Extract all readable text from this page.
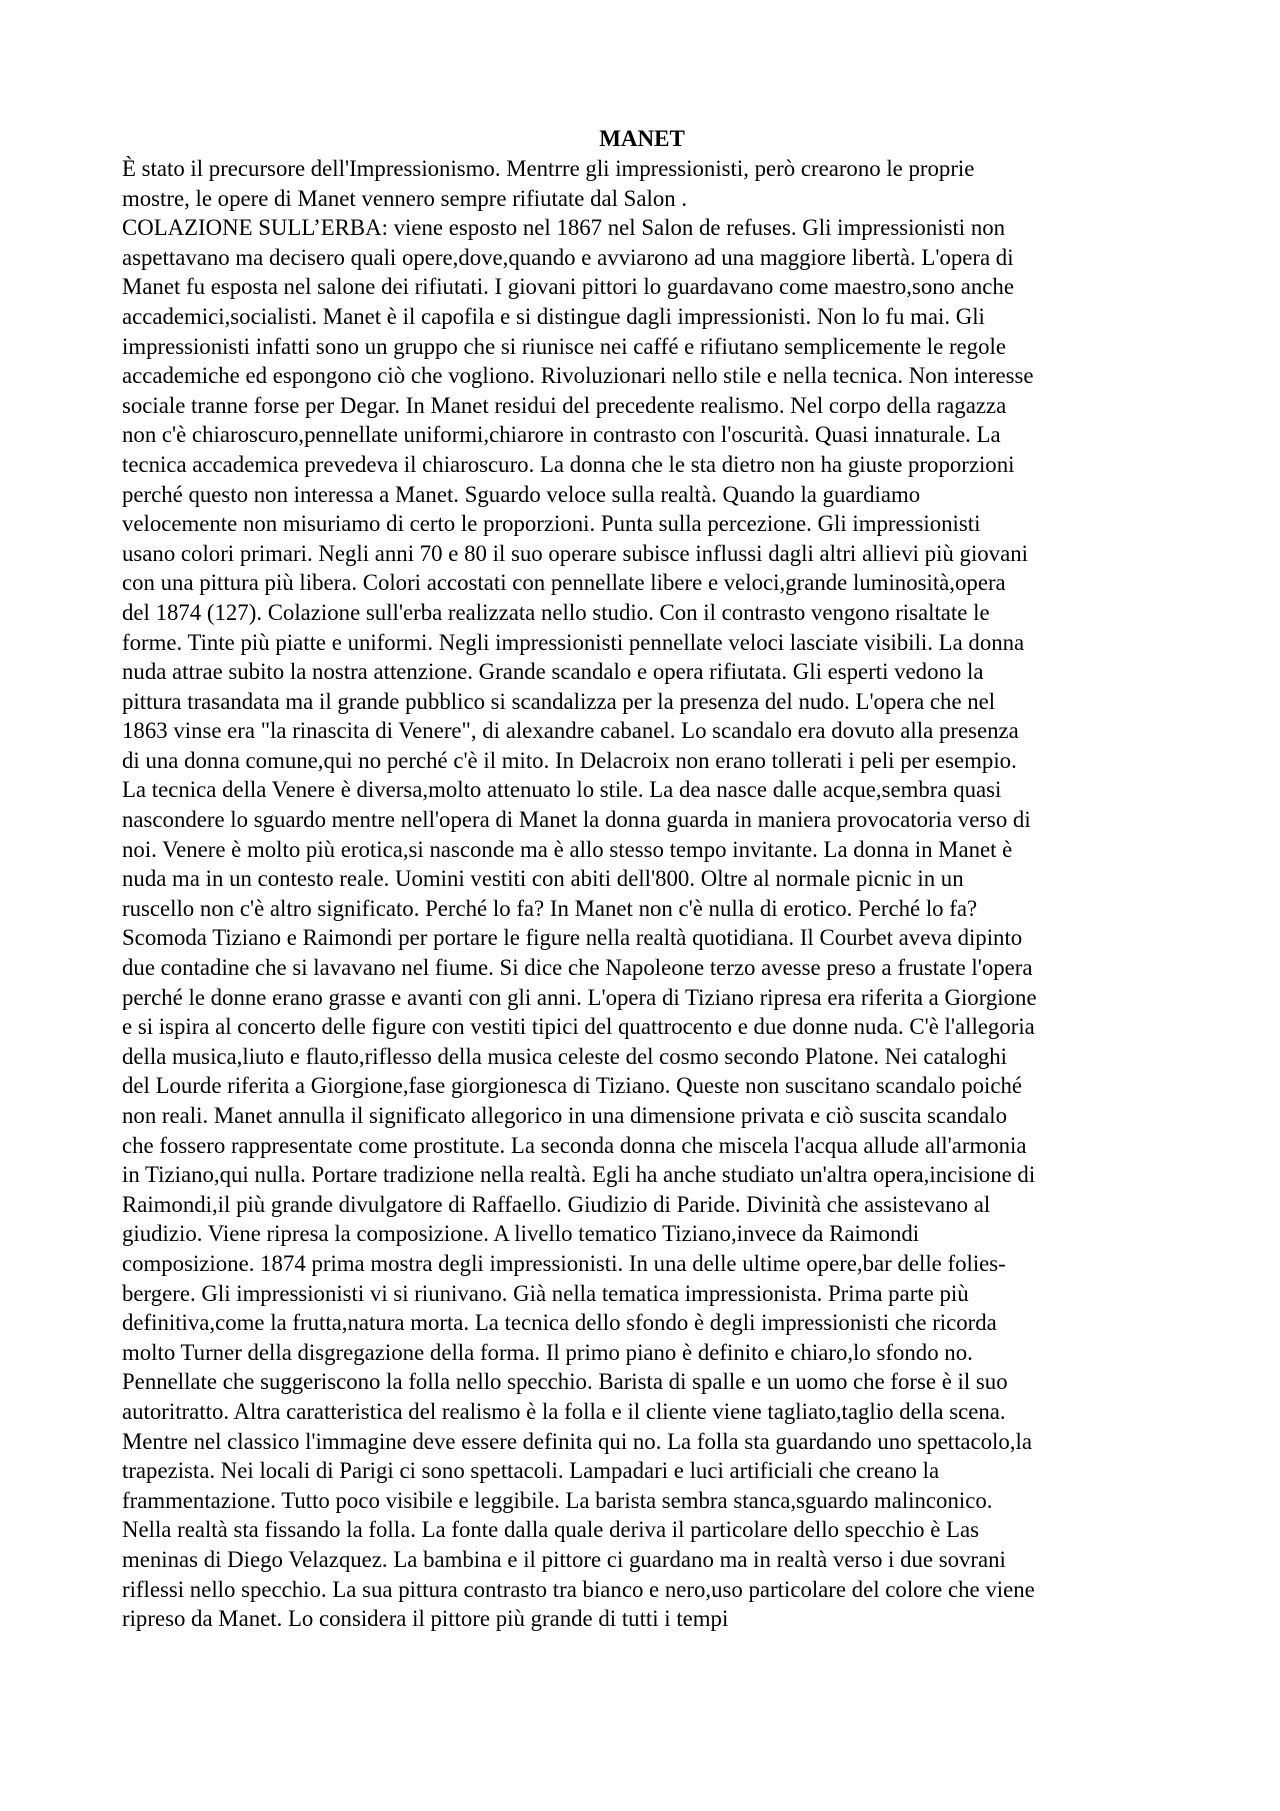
MANET
È stato il precursore dell'Impressionismo. Mentrre gli impressionisti, però crearono le proprie
mostre, le opere di Manet vennero sempre rifiutate dal Salon .
COLAZIONE SULL’ERBA: viene esposto nel 1867 nel Salon de refuses. Gli impressionisti non
aspettavano ma decisero quali opere,dove,quando e avviarono ad una maggiore libertà. L'opera di
Manet fu esposta nel salone dei rifiutati. I giovani pittori lo guardavano come maestro,sono anche
accademici,socialisti. Manet è il capofila e si distingue dagli impressionisti. Non lo fu mai. Gli
impressionisti infatti sono un gruppo che si riunisce nei caffé e rifiutano semplicemente le regole
accademiche ed espongono ciò che vogliono. Rivoluzionari nello stile e nella tecnica. Non interesse
sociale tranne forse per Degar. In Manet residui del precedente realismo. Nel corpo della ragazza
non c'è chiaroscuro,pennellate uniformi,chiarore in contrasto con l'oscurità. Quasi innaturale. La
tecnica accademica prevedeva il chiaroscuro. La donna che le sta dietro non ha giuste proporzioni
perché questo non interessa a Manet. Sguardo veloce sulla realtà. Quando la guardiamo
velocemente non misuriamo di certo le proporzioni. Punta sulla percezione. Gli impressionisti
usano colori primari. Negli anni 70 e 80 il suo operare subisce influssi dagli altri allievi più giovani
con una pittura più libera. Colori accostati con pennellate libere e veloci,grande luminosità,opera
del 1874 (127). Colazione sull'erba realizzata nello studio. Con il contrasto vengono risaltate le
forme. Tinte più piatte e uniformi. Negli impressionisti pennellate veloci lasciate visibili. La donna
nuda attrae subito la nostra attenzione. Grande scandalo e opera rifiutata. Gli esperti vedono la
pittura trasandata ma il grande pubblico si scandalizza per la presenza del nudo. L'opera che nel
1863 vinse era "la rinascita di Venere", di alexandre cabanel. Lo scandalo era dovuto alla presenza
di una donna comune,qui no perché c'è il mito. In Delacroix non erano tollerati i peli per esempio.
La tecnica della Venere è diversa,molto attenuato lo stile. La dea nasce dalle acque,sembra quasi
nascondere lo sguardo mentre nell'opera di Manet la donna guarda in maniera provocatoria verso di
noi. Venere è molto più erotica,si nasconde ma è allo stesso tempo invitante. La donna in Manet è
nuda ma in un contesto reale. Uomini vestiti con abiti dell'800. Oltre al normale picnic in un
ruscello non c'è altro significato. Perché lo fa? In Manet non c'è nulla di erotico. Perché lo fa?
Scomoda Tiziano e Raimondi per portare le figure nella realtà quotidiana. Il Courbet aveva dipinto
due contadine che si lavavano nel fiume. Si dice che Napoleone terzo avesse preso a frustate l'opera
perché le donne erano grasse e avanti con gli anni. L'opera di Tiziano ripresa era riferita a Giorgione
e si ispira al concerto delle figure con vestiti tipici del quattrocento e due donne nuda. C'è l'allegoria
della musica,liuto e flauto,riflesso della musica celeste del cosmo secondo Platone. Nei cataloghi
del Lourde riferita a Giorgione,fase giorgionesca di Tiziano. Queste non suscitano scandalo poiché
non reali. Manet annulla il significato allegorico in una dimensione privata e ciò suscita scandalo
che fossero rappresentate come prostitute. La seconda donna che miscela l'acqua allude all'armonia
in Tiziano,qui nulla. Portare tradizione nella realtà. Egli ha anche studiato un'altra opera,incisione di
Raimondi,il più grande divulgatore di Raffaello. Giudizio di Paride. Divinità che assistevano al
giudizio. Viene ripresa la composizione. A livello tematico Tiziano,invece da Raimondi
composizione. 1874 prima mostra degli impressionisti. In una delle ultime opere,bar delle folies-
bergere. Gli impressionisti vi si riunivano. Già nella tematica impressionista. Prima parte più
definitiva,come la frutta,natura morta. La tecnica dello sfondo è degli impressionisti che ricorda
molto Turner della disgregazione della forma. Il primo piano è definito e chiaro,lo sfondo no.
Pennellate che suggeriscono la folla nello specchio. Barista di spalle e un uomo che forse è il suo
autoritratto. Altra caratteristica del realismo è la folla e il cliente viene tagliato,taglio della scena.
Mentre nel classico l'immagine deve essere definita qui no. La folla sta guardando uno spettacolo,la
trapezista. Nei locali di Parigi ci sono spettacoli. Lampadari e luci artificiali che creano la
frammentazione. Tutto poco visibile e leggibile. La barista sembra stanca,sguardo malinconico.
Nella realtà sta fissando la folla. La fonte dalla quale deriva il particolare dello specchio è Las
meninas di Diego Velazquez. La bambina e il pittore ci guardano ma in realtà verso i due sovrani
riflessi nello specchio. La sua pittura contrasto tra bianco e nero,uso particolare del colore che viene
ripreso da Manet. Lo considera il pittore più grande di tutti i tempi
